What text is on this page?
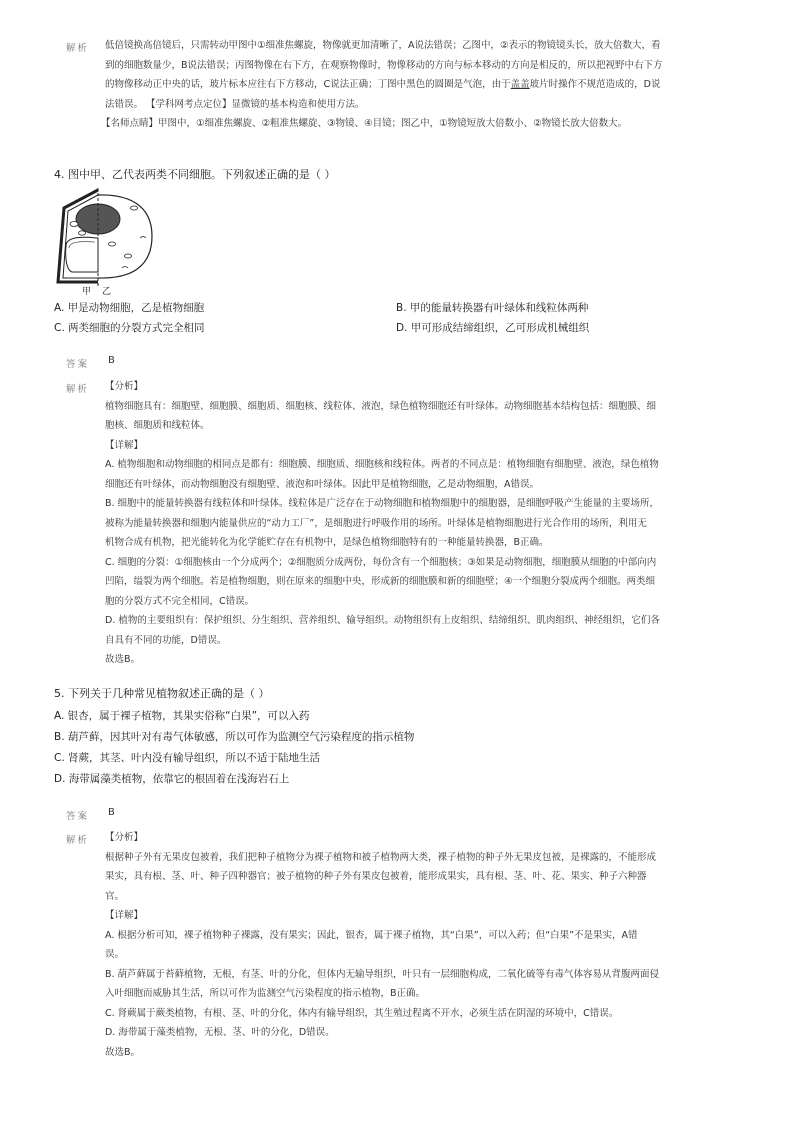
解析 低倍镜换高倍镜后，只需转动甲图中①细准焦螺旋，物像就更加清晰了，A说法错误；乙图中，②表示的物镜镜头长，放大倍数大，看

到的细胞数量少，B说法错误；丙图物像在右下方，在观察物像时，物像移动的方向与标本移动的方向是相反的，所以把视野中右下方

的物像移动正中央的话，玻片标本应往右下方移动，C说法正确；丁图中黑色的圆圈是气泡，由于盖盖玻片时操作不规范造成的，D说

法错误。 【学科网考点定位】显微镜的基本构造和使用方法。

【名师点睛】甲图中，①细准焦螺旋、②粗准焦螺旋、③物镜、④目镜；图乙中，①物镜短放大倍数小、②物镜长放大倍数大。

4. 图中甲、乙代表两类不同细胞。下列叙述正确的是（ ）
甲 乙
A. 甲是动物细胞，乙是植物细胞	B. 甲的能量转换器有叶绿体和线粒体两种
C. 两类细胞的分裂方式完全相同	D. 甲可形成结缔组织，乙可形成机械组织
答案 B
解析 【分析】

植物细胞具有：细胞壁、细胞膜、细胞质、细胞核、线粒体、液泡，绿色植物细胞还有叶绿体。动物细胞基本结构包括：细胞膜、细

胞核、细胞质和线粒体。

【详解】

A. 植物细胞和动物细胞的相同点是都有：细胞膜、细胞质、细胞核和线粒体。两者的不同点是：植物细胞有细胞壁、液泡，绿色植物

细胞还有叶绿体，而动物细胞没有细胞壁、液泡和叶绿体。因此甲是植物细胞，乙是动物细胞，A错误。

B. 细胞中的能量转换器有线粒体和叶绿体。线粒体是广泛存在于动物细胞和植物细胞中的细胞器，是细胞呼吸产生能量的主要场所，

被称为能量转换器和细胞内能量供应的“动力工厂”，是细胞进行呼吸作用的场所。叶绿体是植物细胞进行光合作用的场所，利用无

机物合成有机物，把光能转化为化学能贮存在有机物中，是绿色植物细胞特有的一种能量转换器，B正确。

C. 细胞的分裂：①细胞核由一个分成两个；②细胞质分成两份，每份含有一个细胞核；③如果是动物细胞，细胞膜从细胞的中部向内

凹陷，缢裂为两个细胞。若是植物细胞，则在原来的细胞中央，形成新的细胞膜和新的细胞壁；④一个细胞分裂成两个细胞。两类细

胞的分裂方式不完全相同，C错误。

D. 植物的主要组织有：保护组织、分生组织、营养组织、输导组织。动物组织有上皮组织、结缔组织、肌肉组织、神经组织，它们各

自具有不同的功能，D错误。

故选B。

5. 下列关于几种常见植物叙述正确的是（ ）
A. 银杏，属于裸子植物，其果实俗称“白果”，可以入药
B. 葫芦藓，因其叶对有毒气体敏感，所以可作为监测空气污染程度的指示植物
C. 肾蕨，其茎、叶内没有输导组织，所以不适于陆地生活
D. 海带属藻类植物，依靠它的根固着在浅海岩石上
答案 B
解析 【分析】

根据种子外有无果皮包被着，我们把种子植物分为裸子植物和被子植物两大类，裸子植物的种子外无果皮包被，是裸露的，不能形成

果实，具有根、茎、叶、种子四种器官；被子植物的种子外有果皮包被着，能形成果实，具有根、茎、叶、花、果实、种子六种器

官。

【详解】

A. 根据分析可知，裸子植物种子裸露，没有果实；因此，银杏，属于裸子植物，其“白果”，可以入药；但“白果”不是果实，A错

误。

B. 葫芦藓属于苔藓植物，无根，有茎、叶的分化，但体内无输导组织，叶只有一层细胞构成，二氧化硫等有毒气体容易从背腹两面侵

入叶细胞而威胁其生活，所以可作为监测空气污染程度的指示植物，B正确。

C. 肾蕨属于蕨类植物，有根、茎、叶的分化，体内有输导组织，其生殖过程离不开水，必须生活在阴湿的环境中，C错误。

D. 海带属于藻类植物，无根、茎、叶的分化，D错误。

故选B。
